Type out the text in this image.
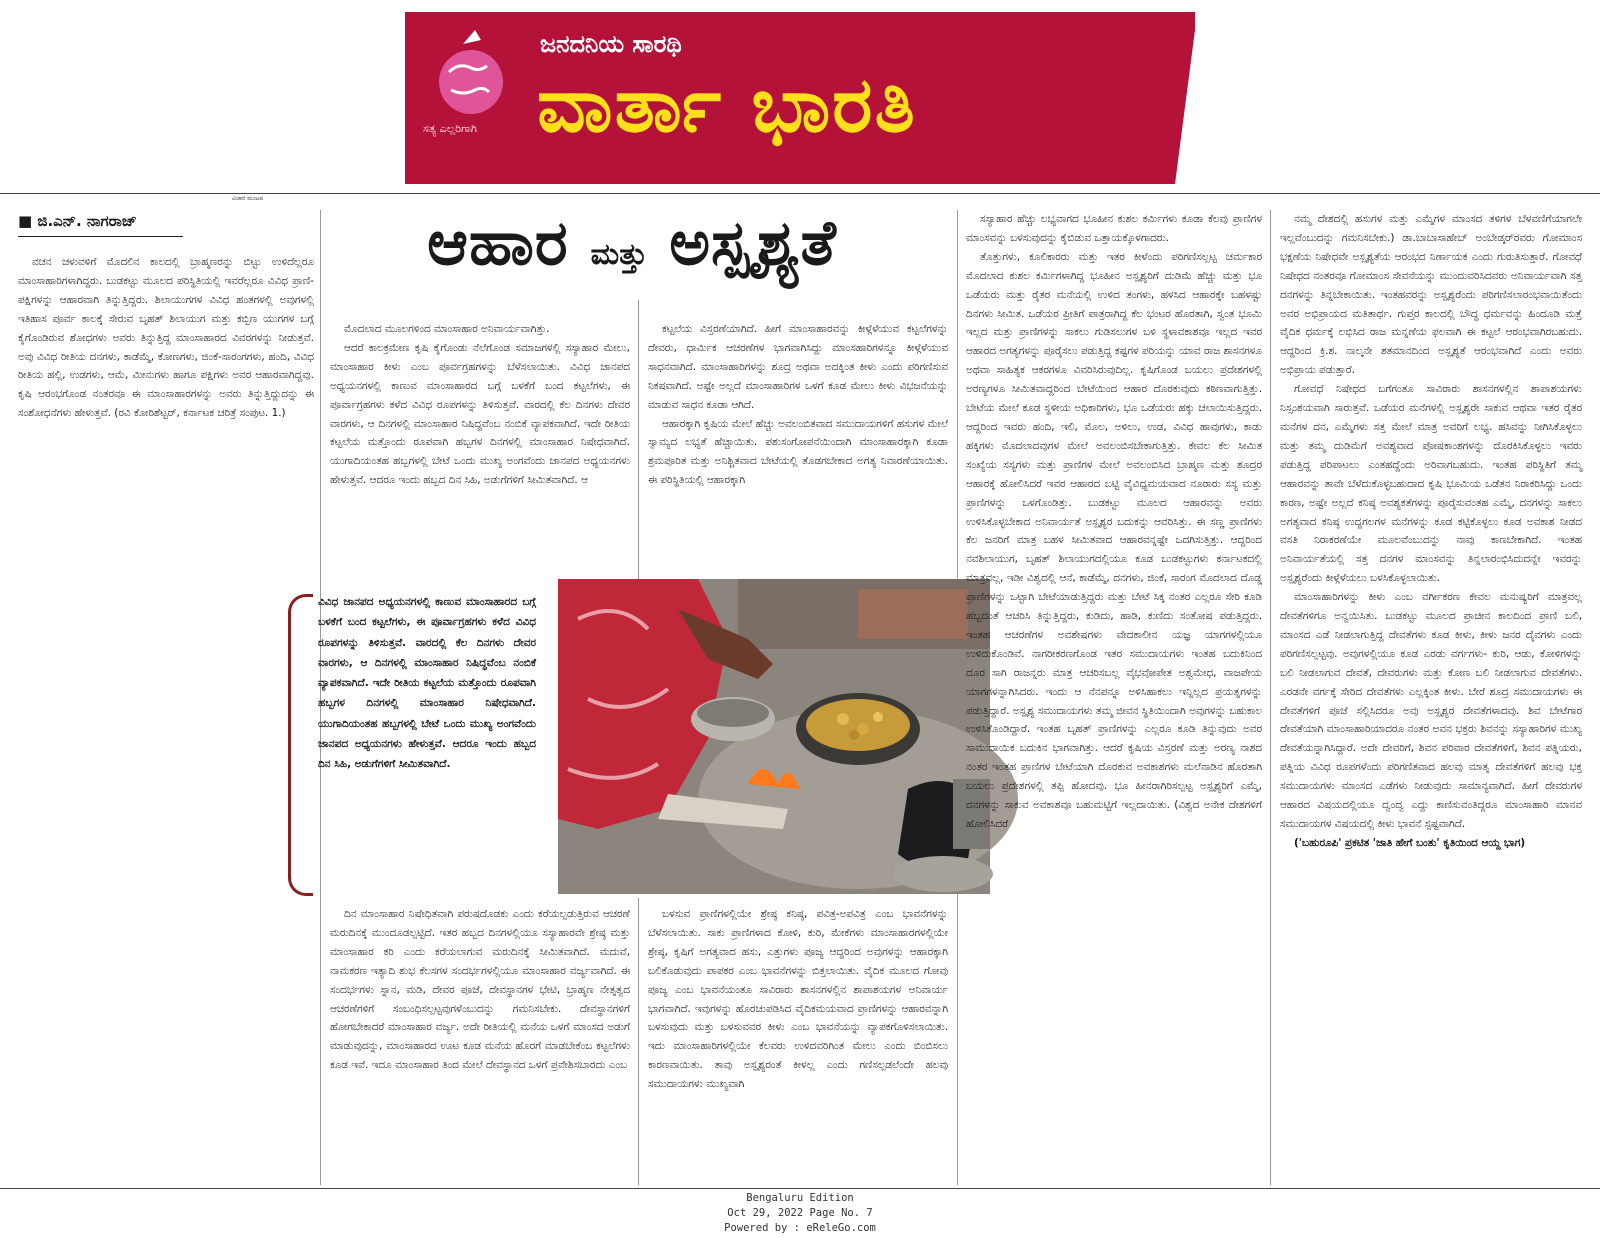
ಜನದನಿಯ ಸಾರಥಿ
ವಾರ್ತಾ ಭಾರತಿ
ಸತ್ಯ ಎಲ್ಲರಿಗಾಗಿ
ವಿಚಾರ ಮಂಟಪ
■ ಜಿ.ಎನ್. ನಾಗರಾಜ್	ಆಹಾರ ಮತ್ತು ಅಸ್ಪೃಶ್ಯತೆ

ವಚನ ಚಳುವಳಿಗೆ ಮೊದಲಿನ ಕಾಲದಲ್ಲಿ ಬ್ರಾಹ್ಮಣರನ್ನು ಬಿಟ್ಟು ಉಳಿದೆಲ್ಲರೂ ಮಾಂಸಾಹಾರಿಗಳಾಗಿದ್ದರು. ಬುಡಕಟ್ಟು ಮೂಲದ ಪರಿಸ್ಥಿತಿಯಲ್ಲಿ ಇವರೆಲ್ಲರೂ ವಿವಿಧ ಪ್ರಾಣಿ-ಪಕ್ಷಿಗಳನ್ನು ಆಹಾರವಾಗಿ ತಿನ್ನುತ್ತಿದ್ದರು. ಶಿಲಾಯುಗಗಳ ವಿವಿಧ ಹಂತಗಳಲ್ಲಿ ಅವುಗಳಲ್ಲಿ ಇತಿಹಾಸ ಪೂರ್ವ ಕಾಲಕ್ಕೆ ಸೇರುವ ಬೃಹತ್ ಶಿಲಾಯುಗ ಮತ್ತು ಕಬ್ಬಿಣ ಯುಗಗಳ ಬಗ್ಗೆ ಕೈಗೊಂಡಿರುವ ಶೋಧಗಳು ಅವರು ತಿನ್ನುತ್ತಿದ್ದ ಮಾಂಸಾಹಾರದ ವಿವರಗಳನ್ನು ನೀಡುತ್ತವೆ. ಅವು ವಿವಿಧ ರೀತಿಯ ದನಗಳು, ಕಾಡೆಮ್ಮೆ, ಕೋಣಗಳು, ಜಿಂಕೆ-ಸಾರಂಗಗಳು, ಹಂದಿ, ವಿವಿಧ ರೀತಿಯ ಹಲ್ಲಿ, ಉಡಗಳು, ಆಮೆ, ಮೀನುಗಳು ಹಾಗೂ ಪಕ್ಷಿಗಳು ಅವರ ಆಹಾರವಾಗಿದ್ದವು. ಕೃಷಿ ಆರಂಭಗೊಂಡ ನಂತರವೂ ಈ ಮಾಂಸಾಹಾರಗಳನ್ನು ಅವರು ತಿನ್ನುತ್ತಿದ್ದುದನ್ನು ಈ ಸಂಶೋಧನೆಗಳು ಹೇಳುತ್ತವೆ. (ರವಿ ಕೋರಿಶೆಟ್ಟರ್, ಕರ್ನಾಟಕ ಚರಿತ್ರೆ ಸಂಪುಟ. 1.)

ಮೊದಲಾದ ಮೂಲಗಳಿಂದ ಮಾಂಸಾಹಾರ ಅನಿವಾರ್ಯವಾಗಿತ್ತು.

ಆದರೆ ಕಾಲಕ್ರಮೇಣ ಕೃಷಿ ಕೈಗೊಂಡು ನೆಲೆಗೊಂಡ ಸಮಾಜಗಳಲ್ಲಿ ಸಸ್ಯಾಹಾರ ಮೇಲು, ಮಾಂಸಾಹಾರ ಕೀಳು ಎಂಬ ಪೂರ್ವಗ್ರಹಗಳನ್ನು ಬೆಳೆಸಲಾಯಿತು. ವಿವಿಧ ಜಾನಪದ ಅಧ್ಯಯನಗಳಲ್ಲಿ ಕಾಣುವ ಮಾಂಸಾಹಾರದ ಬಗ್ಗೆ ಬಳಕೆಗೆ ಬಂದ ಕಟ್ಟಲೆಗಳು, ಈ ಪೂರ್ವಾಗ್ರಹಗಳು ಕಳೆದ ವಿವಿಧ ರೂಪಗಳನ್ನು ತಿಳಿಸುತ್ತವೆ. ವಾರದಲ್ಲಿ ಕೆಲ ದಿನಗಳು ದೇವರ ವಾರಗಳು, ಆ ದಿನಗಳಲ್ಲಿ ಮಾಂಸಾಹಾರ ನಿಷಿದ್ಧವೆಂಬ ನಂಬಿಕೆ ವ್ಯಾಪಕವಾಗಿದೆ. ಇದೇ ರೀತಿಯ ಕಟ್ಟಲೆಯ ಮತ್ತೊಂದು ರೂಪವಾಗಿ ಹಬ್ಬಗಳ ದಿನಗಳಲ್ಲಿ ಮಾಂಸಾಹಾರ ನಿಷೇಧವಾಗಿದೆ. ಯುಗಾದಿಯಂತಹ ಹಬ್ಬಗಳಲ್ಲಿ ಬೇಟೆ ಒಂದು ಮುಖ್ಯ ಅಂಗವೆಂದು ಜಾನಪದ ಅಧ್ಯಯನಗಳು ಹೇಳುತ್ತವೆ. ಆದರೂ ಇಂದು ಹಬ್ಬದ ದಿನ ಸಿಹಿ, ಅಡುಗೆಗಳಿಗೆ ಸೀಮಿತವಾಗಿದೆ. ಆ

ಕಟ್ಟಲೆಯ ವಿಸ್ತರಣೆಯಾಗಿದೆ. ಹೀಗೆ ಮಾಂಸಾಹಾರವನ್ನು ಕೀಳ್ಗೆಳೆಯುವ ಕಟ್ಟಲೆಗಳನ್ನು ದೇವರು, ಧಾರ್ಮಿಕ ಆಚರಣೆಗಳ ಭಾಗವಾಗಿಸಿದ್ದು ಮಾಂಸಹಾರಿಗಳನ್ನೂ ಕೀಳ್ಗೆಳೆಯುವ ಸಾಧನವಾಗಿದೆ. ಮಾಂಸಾಹಾರಿಗಳನ್ನು ಶೂದ್ರ ಅಥವಾ ಅದಕ್ಕಿಂತ ಕೀಳು ಎಂದು ಪರಿಗಣಿಸುವ ನಿಕಷವಾಗಿದೆ. ಅಷ್ಟೇ ಅಲ್ಲದೆ ಮಾಂಸಾಹಾರಿಗಳ ಒಳಗೆ ಕೂಡ ಮೇಲು ಕೀಳು ವಿಭಜನೆಯನ್ನು ಮಾಡುವ ಸಾಧನ ಕೂಡಾ ಆಗಿದೆ.

ಆಹಾರಕ್ಕಾಗಿ ಕೃಷಿಯ ಮೇಲೆ ಹೆಚ್ಚು ಅವಲಂಬಿತವಾದ ಸಮುದಾಯಗಳಿಗೆ ಹಸುಗಳ ಮೇಲೆ ಸ್ವಾಮ್ಯದ ಲಭ್ಯತೆ ಹೆಚ್ಚಾಯಿತು. ಪಶುಸಂಗೋಪನೆಯಿಂದಾಗಿ ಮಾಂಸಾಹಾರಕ್ಕಾಗಿ ಕೂಡಾ ಶ್ರಮಪೂರಿತ ಮತ್ತು ಅನಿಶ್ಚಿತವಾದ ಬೇಟೆಯಲ್ಲಿ ತೊಡಗಬೇಕಾದ ಅಗತ್ಯ ನಿವಾರಣೆಯಾಯಿತು. ಈ ಪರಿಸ್ಥಿತಿಯಲ್ಲಿ ಆಹಾರಕ್ಕಾಗಿ

ವಿವಿಧ ಜಾನಪದ ಅಧ್ಯಯನಗಳಲ್ಲಿ ಕಾಣುವ ಮಾಂಸಾಹಾರದ ಬಗ್ಗೆ ಬಳಕೆಗೆ ಬಂದ ಕಟ್ಟಲೆಗಳು, ಈ ಪೂರ್ವಾಗ್ರಹಗಳು ಕಳೆದ ವಿವಿಧ ರೂಪಗಳನ್ನು ತಿಳಿಸುತ್ತವೆ. ವಾರದಲ್ಲಿ ಕೆಲ ದಿನಗಳು ದೇವರ ವಾರಗಳು, ಆ ದಿನಗಳಲ್ಲಿ ಮಾಂಸಾಹಾರ ನಿಷಿದ್ಧವೆಂಬ ನಂಬಿಕೆ ವ್ಯಾಪಕವಾಗಿದೆ. ಇದೇ ರೀತಿಯ ಕಟ್ಟಲೆಯ ಮತ್ತೊಂದು ರೂಪವಾಗಿ ಹಬ್ಬಗಳ ದಿನಗಳಲ್ಲಿ ಮಾಂಸಾಹಾರ ನಿಷೇಧವಾಗಿದೆ. ಯುಗಾದಿಯಂತಹ ಹಬ್ಬಗಳಲ್ಲಿ ಬೇಟೆ ಒಂದು ಮುಖ್ಯ ಅಂಗವೆಂದು ಜಾನಪದ ಅಧ್ಯಯನಗಳು ಹೇಳುತ್ತವೆ. ಆದರೂ ಇಂದು ಹಬ್ಬದ ದಿನ ಸಿಹಿ, ಅಡುಗೆಗಳಿಗೆ ಸೀಮಿತವಾಗಿದೆ.

ದಿನ ಮಾಂಸಾಹಾರ ನಿಷೇಧಿತವಾಗಿ ಪರುಷದೊಡಕು ಎಂದು ಕರೆಯಲ್ಪಡುತ್ತಿರುವ ಆಚರಣೆ ಮರುದಿನಕ್ಕೆ ಮುಂದೂಡಲ್ಪಟ್ಟಿದೆ. ಇತರ ಹಬ್ಬದ ದಿನಗಳಲ್ಲಿಯೂ ಸಸ್ಯಾಹಾರವೇ ಶ್ರೇಷ್ಠ ಮತ್ತು ಮಾಂಸಾಹಾರ ಕರಿ ಎಂದು ಕರೆಯಲಾಗುವ ಮರುದಿನಕ್ಕೆ ಸೀಮಿತವಾಗಿದೆ. ಮದುವೆ, ನಾಮಕರಣ ಇತ್ಯಾದಿ ಶುಭ ಕೆಲಸಗಳ ಸಂದರ್ಭಗಳಲ್ಲಿಯೂ ಮಾಂಸಾಹಾರ ವರ್ಜ್ಯವಾಗಿದೆ. ಈ ಸಂದರ್ಭಗಳು ಸ್ನಾನ, ಮಡಿ, ದೇವರ ಪೂಜೆ, ದೇವಸ್ಥಾನಗಳ ಭೇಟಿ, ಬ್ರಾಹ್ಮಣ ನೇತೃತ್ವದ ಆಚರಣೆಗಳಿಗೆ ಸಂಬಂಧಿಸಲ್ಪಟ್ಟವುಗಳೆಂಬುದನ್ನು ಗಮನಿಸಬೇಕು. ದೇವಸ್ಥಾನಗಳಿಗೆ ಹೋಗಬೇಕಾದರೆ ಮಾಂಸಾಹಾರ ವರ್ಜ್ಯ. ಅದೇ ರೀತಿಯಲ್ಲಿ ಮನೆಯ ಒಳಗೆ ಮಾಂಸದ ಅಡುಗೆ ಮಾಡುವುದನ್ನು, ಮಾಂಸಾಹಾರದ ಊಟ ಕೂಡ ಮನೆಯ ಹೊರಗೆ ಮಾಡಬೇಕೆಂಬ ಕಟ್ಟಲೆಗಳು ಕೂಡ ಇವೆ. ಇದೂ ಮಾಂಸಾಹಾರ ತಿಂದ ಮೇಲೆ ದೇವಸ್ಥಾನದ ಒಳಗೆ ಪ್ರವೇಶಿಸಬಾರದು ಎಂಬ

ಬಳಸುವ ಪ್ರಾಣಿಗಳಲ್ಲಿಯೇ ಶ್ರೇಷ್ಠ ಕನಿಷ್ಠ, ಪವಿತ್ರ-ಅಪವಿತ್ರ ಎಂಬ ಭಾವನೆಗಳನ್ನು ಬೆಳೆಸಲಾಯಿತು. ಸಾಕು ಪ್ರಾಣಿಗಳಾದ ಕೋಳಿ, ಕುರಿ, ಮೇಕೆಗಳು ಮಾಂಸಾಹಾರಗಳಲ್ಲಿಯೇ ಶ್ರೇಷ್ಠ, ಕೃಷಿಗೆ ಅಗತ್ಯವಾದ ಹಸು, ಎತ್ತುಗಳು ಪೂಜ್ಯ ಆದ್ದರಿಂದ ಅವುಗಳನ್ನು ಆಹಾರಕ್ಕಾಗಿ ಬಲಿಕೊಡುವುದು ಪಾಪಕರ ಎಂಬ ಭಾವನೆಗಳನ್ನು ಬಿತ್ತಲಾಯಿತು. ವೈದಿಕ ಮೂಲದ ಗೋವು ಪೂಜ್ಯ ಎಂಬ ಭಾವನೆಯಂತೂ ಸಾವಿರಾರು ಶಾಸನಗಳಲ್ಲಿನ ಶಾಪಾಶಯಗಳ ಅನಿವಾರ್ಯ ಭಾಗವಾಗಿದೆ. ಇವುಗಳನ್ನು ಹೊರಚುಪಡಿಸಿದ ವೈದಿಕಮಯವಾದ ಪ್ರಾಣಿಗಳನ್ನು ಆಹಾರವನ್ನಾಗಿ ಬಳಸುವುದು ಮತ್ತು ಬಳಸುವವರ ಕೀಳು ಎಂಬ ಭಾವನೆಯನ್ನು ವ್ಯಾಪಕಗೊಳಿಸಲಾಯಿತು. ಇದು ಮಾಂಸಾಹಾರಿಗಳಲ್ಲಿಯೇ ಕೆಲವರು ಉಳಿದವರಿಗಿಂತ ಮೇಲು ಎಂದು ಬಿಂಬಿಸಲು ಕಾರಣವಾಯಿತು. ತಾವು ಅಸ್ಪೃಶ್ಯರಂತೆ ಕೀಳಲ್ಲ ಎಂದು ಗಣಿಸಲ್ಪಡಲೆಂದೇ ಹಲವು ಸಮುದಾಯಗಳು ಮುಖ್ಯವಾಗಿ

ಸಸ್ಯಾಹಾರ ಹೆಚ್ಚು ಲಭ್ಯವಾಗದ ಭೂಹೀನ ಕುಶಲ ಕರ್ಮಿಗಳು ಕೂಡಾ ಕೆಲವು ಪ್ರಾಣಿಗಳ ಮಾಂಸವನ್ನು ಬಳಸುವುದನ್ನು ಕೈಬಿಡುವ ಒತ್ತಾಯಕ್ಕೊಳಗಾದರು.

ತೊತ್ತುಗಳು, ಕೂಲಿಕಾರರು ಮತ್ತು ಇತರ ಕೀಳೆಂದು ಪರಿಗಣಿಸಲ್ಪಟ್ಟ ಚರ್ಮಕಾರ ಮೊದಲಾದ ಕುಶಲ ಕರ್ಮಿಗಳಾಗಿದ್ದ ಭೂಹೀನ ಅಸ್ಪೃಶ್ಯರಿಗೆ ದುಡಿಮೆ ಹೆಚ್ಚು ಮತ್ತು ಭೂ ಒಡೆಯರು ಮತ್ತು ರೈತರ ಮನೆಯಲ್ಲಿ ಉಳಿದ ತಂಗಳು, ಹಳಸಿದ ಆಹಾರಕ್ಕೇ ಬಹಳಷ್ಟು ದಿನಗಳು ಸೀಮಿತ. ಒಡೆಯರ ಪ್ರೀತಿಗೆ ಪಾತ್ರರಾಗಿದ್ದ ಕೆಲ ಭಂಟರ ಹೊರತಾಗಿ, ಸ್ವಂತ ಭೂಮಿ ಇಲ್ಲದ ಮತ್ತು ಪ್ರಾಣಿಗಳನ್ನು ಸಾಕಲು ಗುಡಿಸಲುಗಳ ಬಳಿ ಸ್ಥಳಾವಕಾಶವೂ ಇಲ್ಲದ ಇವರ ಆಹಾರದ ಅಗತ್ಯಗಳನ್ನು ಪೂರೈಸಲು ಪಡುತ್ತಿದ್ದ ಕಷ್ಟಗಳ ಪರಿಯನ್ನು ಯಾವ ರಾಜ ಶಾಸನಗಳೂ ಅಥವಾ ಸಾಹಿತ್ಯಕ ಆಕರಗಳೂ ವಿವರಿಸಿರುವುದಿಲ್ಲ. ಕೃಷಿಗೊಂಡ ಬಯಲು ಪ್ರದೇಶಗಳಲ್ಲಿ ಅರಣ್ಯಗಳೂ ಸೀಮಿತವಾದ್ದರಿಂದ ಬೇಟೆಯಿಂದ ಆಹಾರ ದೊರಕುವುದು ಕಠಿಣವಾಗುತ್ತಿತ್ತು. ಬೇಟೆಯ ಮೇಲೆ ಕೂಡ ಸ್ಥಳೀಯ ಅಧಿಕಾರಿಗಳು, ಭೂ ಒಡೆಯರು ಹಕ್ಕು ಚಲಾಯಿಸುತ್ತಿದ್ದರು. ಆದ್ದರಿಂದ ಇವರು ಹಂದಿ, ಇಲಿ, ಮೊಲ, ಅಳಿಲು, ಉಡ, ವಿವಿಧ ಹಾವುಗಳು, ಕಾಡು ಹಕ್ಕಿಗಳು ಮೊದಲಾದವುಗಳ ಮೇಲೆ ಅವಲಂಬಿಸಬೇಕಾಗುತ್ತಿತ್ತು. ಕೇವಲ ಕೆಲ ಸೀಮಿತ ಸಂಖ್ಯೆಯ ಸಸ್ಯಗಳು ಮತ್ತು ಪ್ರಾಣಿಗಳ ಮೇಲೆ ಅವಲಂಬಿಸಿದ ಬ್ರಾಹ್ಮಣ ಮತ್ತು ಶೂದ್ರರ ಆಹಾರಕ್ಕೆ ಹೋಲಿಸಿದರೆ ಇವರ ಆಹಾರದ ಬಟ್ಟಿ ವೈವಿಧ್ಯಮಯವಾದ ನೂರಾರು ಸಸ್ಯ ಮತ್ತು ಪ್ರಾಣಿಗಳನ್ನು ಒಳಗೊಂಡಿತ್ತು. ಬುಡಕಟ್ಟು ಮೂಲದ ಆಹಾರವನ್ನು ಅವರು ಉಳಿಸಿಕೊಳ್ಳಬೇಕಾದ ಅನಿವಾರ್ಯತೆ ಅಸ್ಪೃಶ್ಯರ ಬದುಕನ್ನು ಆವರಿಸಿತ್ತು. ಈ ಸಣ್ಣ ಪ್ರಾಣಿಗಳು ಕೆಲ ಜನರಿಗೆ ಮಾತ್ರ ಬಹಳ ಸೀಮಿತವಾದ ಆಹಾರವನ್ನಷ್ಟೇ ಒದಗಿಸುತ್ತಿತ್ತು. ಆದ್ದರಿಂದ ನವಶಿಲಾಯುಗ, ಬೃಹತ್ ಶಿಲಾಯುಗದಲ್ಲಿಯೂ ಕೂಡ ಬುಡಕಟ್ಟುಗಳು ಕರ್ನಾಟಕದಲ್ಲಿ ಮಾತ್ರವಲ್ಲ, ಇಡೀ ವಿಶ್ವದಲ್ಲಿ ಆನೆ, ಕಾಡೆಮ್ಮೆ, ದನಗಳು, ಜಿಂಕೆ, ಸಾರಂಗ ಮೊದಲಾದ ದೊಡ್ಡ ಪ್ರಾಣಿಗಳನ್ನು ಒಟ್ಟಾಗಿ ಬೇಟೆಯಾಡುತ್ತಿದ್ದರು ಮತ್ತು ಬೇಟೆ ಸಿಕ್ಕ ನಂತರ ಎಲ್ಲರೂ ಸೇರಿ ಕೂಡಿ ಹಬ್ಬದಂತೆ ಆಚರಿಸಿ ತಿನ್ನುತ್ತಿದ್ದರು, ಕುಡಿದು, ಹಾಡಿ, ಕುಣಿದು ಸಂತೋಷ ಪಡುತ್ತಿದ್ದರು. ಇಂತಹ ಆಚರಣೆಗಳ ಅವಶೇಷಗಳು ವೇದಕಾಲೀನ ಯಜ್ಞ ಯಾಗಗಳಲ್ಲಿಯೂ ಉಳಿದುಕೊಂಡಿವೆ. ನಾಗರೀಕರಣಗೊಂಡ ಇತರ ಸಮುದಾಯಗಳು ಇಂತಹ ಬದುಕಿನಿಂದ ದೂರ ಸಾಗಿ ರಾಜನ್ನರು ಮಾತ್ರ ಆಚರಿಸಬಲ್ಲ ವೈಭವೋಪೇತ ಅಶ್ವಮೇಧ, ವಾಜಪೇಯ ಯಾಗಗಳನ್ನಾಗಿಸಿದರು. ಇಂದು ಆ ನೆನಪನ್ನೂ ಅಳಿಸಿಹಾಕಲು ಇನ್ನಿಲ್ಲದ ಪ್ರಯತ್ನಗಳನ್ನು ಪಡುತ್ತಿದ್ದಾರೆ. ಅಸ್ಪೃಶ್ಯ ಸಮುದಾಯಗಳು ತಮ್ಮ ಜೀವನ ಸ್ಥಿತಿಯಿಂದಾಗಿ ಅವುಗಳನ್ನು ಬಹುಕಾಲ ಉಳಿಸಿಕೊಂಡಿದ್ದಾರೆ. ಇಂತಹ ಬೃಹತ್ ಪ್ರಾಣಿಗಳನ್ನು ಎಲ್ಲರೂ ಕೂಡಿ ತಿನ್ನುವುದು ಅವರ ಸಾಮುದಾಯಿಕ ಬದುಕಿನ ಭಾಗವಾಗಿತ್ತು. ಆದರೆ ಕೃಷಿಯ ವಿಸ್ತರಣೆ ಮತ್ತು ಅರಣ್ಯ ನಾಶದ ನಂತರ ಇಂತಹ ಪ್ರಾಣಿಗಳ ಬೇಟೆಯಾಗಿ ದೊರಕುವ ಅವಕಾಶಗಳು ಮಲೆನಾಡಿನ ಹೊರತಾಗಿ ಬಯಲು ಪ್ರದೇಶಗಳಲ್ಲಿ ತಪ್ಪಿ ಹೋದವು. ಭೂ ಹೀನರಾಗಿರಿಸಲ್ಪಟ್ಟ ಅಸ್ಪೃಶ್ಯರಿಗೆ ಎಮ್ಮೆ, ದನಗಳನ್ನು ಸಾಕುವ ಅವಕಾಶವೂ ಬಹುಮಟ್ಟಿಗೆ ಇಲ್ಲದಾಯಿತು. (ವಿಶ್ವದ ಅನೇಕ ದೇಶಗಳಿಗೆ ಹೋಲಿಸಿದರೆ

ನಮ್ಮ ದೇಶದಲ್ಲಿ ಹಸುಗಳ ಮತ್ತು ಎಮ್ಮೆಗಳ ಮಾಂಸದ ತಳಿಗಳ ಬೆಳವಣಿಗೆಯಾಗಲೇ ಇಲ್ಲವೆಂಬುದನ್ನು ಗಮನಿಸಬೇಕು.) ಡಾ.ಬಾಬಾಸಾಹೇಬ್ ಅಂಬೇಡ್ಕರ್‌ರವರು ಗೋಮಾಂಸ ಭಕ್ಷಣೆಯ ನಿಷೇಧವೇ ಅಸ್ಪೃಶ್ಯತೆಯ ಆರಂಭದ ನಿರ್ಣಾಯಕ ಎಂದು ಗುರುತಿಸುತ್ತಾರೆ. ಗೋವಧೆ ನಿಷೇಧದ ನಂತರವೂ ಗೋಮಾಂಸ ಸೇವನೆಯನ್ನು ಮುಂದುವರಿಸಿದವರು ಅನಿವಾರ್ಯವಾಗಿ ಸತ್ತ ದನಗಳನ್ನು ತಿನ್ನಬೇಕಾಯಿತು. ಇಂತಹವರನ್ನು ಅಸ್ಪೃಶ್ಯರೆಂದು ಪರಿಗಣಿಸಲಾರಂಭವಾಯಿತೆಂದು ಅವರ ಅಭಿಪ್ರಾಯದ ಮತಿತಾರ್ಥ. ಗುಪ್ತರ ಕಾಲದಲ್ಲಿ ಬೌದ್ಧ ಧರ್ಮವನ್ನು ಹಿಂದೂಡಿ ಮತ್ತೆ ವೈದಿಕ ಧರ್ಮಕ್ಕೆ ಲಭಿಸಿದ ರಾಜ ಮನ್ನಣೆಯ ಫಲವಾಗಿ ಈ ಕಟ್ಟಲೆ ಆರಂಭವಾಗಿರಬಹುದು. ಆದ್ದರಿಂದ ಕ್ರಿ.ಶ. ನಾಲ್ಕನೇ ಶತಮಾನದಿಂದ ಅಸ್ಪೃಶ್ಯತೆ ಆರಂಭವಾಗಿದೆ ಎಂದು ಅವರು ಅಭಿಪ್ರಾಯ ಪಡುತ್ತಾರೆ.

ಗೋವಧೆ ನಿಷೇಧದ ಬಗೆಗಂತೂ ಸಾವಿರಾರು ಶಾಸನಗಳಲ್ಲಿನ ಶಾಪಾಶಯಗಳು ನಿಸ್ಸಂಶಯವಾಗಿ ಸಾರುತ್ತವೆ. ಒಡೆಯರ ಮನೆಗಳಲ್ಲಿ ಅಸ್ಪೃಶ್ಯರೇ ಸಾಕುವ ಆಥವಾ ಇತರ ರೈತರ ಮನೆಗಳ ದನ, ಎಮ್ಮೆಗಳು ಸತ್ತ ಮೇಲೆ ಮಾತ್ರ ಅವರಿಗೆ ಲಭ್ಯ. ಹಸಿವನ್ನು ನೀಗಿಸಿಕೊಳ್ಳಲು ಮತ್ತು ತಮ್ಮ ದುಡಿಮೆಗೆ ಅವಶ್ಯವಾದ ಪೋಷಕಾಂಶಗಳನ್ನು ದೊರಕಿಸಿಕೊಳ್ಳಲು ಇವರು ಪಡುತ್ತಿದ್ದ ಪರಿಪಾಟಲು ಎಂತಹದ್ದೆಂದು ಅರಿವಾಗಬಹುದು. ಇಂತಹ ಪರಿಸ್ಥಿತಿಗೆ ತಮ್ಮ ಆಹಾರವನ್ನು ತಾವೇ ಬೆಳೆದುಕೊಳ್ಳಬಹುದಾದ ಕೃಷಿ ಭೂಮಿಯ ಒಡೆತನ ನಿರಾಕರಿಸಿದ್ದು ಒಂದು ಕಾರಣ, ಅಷ್ಟೇ ಅಲ್ಲದೆ ಕನಿಷ್ಠ ಅವಶ್ಯಕತೆಗಳನ್ನು ಪೂರೈಸುವಂತಹ ಎಮ್ಮೆ, ದನಗಳನ್ನು ಸಾಕಲು ಅಗತ್ಯವಾದ ಕನಿಷ್ಠ ಉದ್ದಗಲಗಳ ಮನೆಗಳನ್ನು ಕೂಡ ಕಟ್ಟಿಕೊಳ್ಳಲು ಕೂಡ ಅವಕಾಶ ನೀಡದ ವಸತಿ ನಿರಾಕರಣೆಯೇ ಮೂಲವೆಂಬುದನ್ನು ನಾವು ಕಾಣಬೇಕಾಗಿದೆ. ಇಂತಹ ಅನಿವಾರ್ಯತೆಯಲ್ಲಿ ಸತ್ತ ದನಗಳ ಮಾಂಸವನ್ನು ತಿನ್ನಲಾರಂಭಿಸಿದುದನ್ನೇ ಇವರನ್ನು ಅಸ್ಪೃಶ್ಯರೆಂದು ಕೀಳ್ಗೆಳೆಯಲು ಬಳಸಿಕೊಳ್ಳಲಾಯಿತು.

ಮಾಂಸಾಹಾರಿಗಳನ್ನು ಕೀಳು ಎಂಬ ವರ್ಗೀಕರಣ ಕೇವಲ ಮನುಷ್ಯರಿಗೆ ಮಾತ್ರವಲ್ಲ ದೇವತೆಗಳಿಗೂ ಅನ್ವಯಿಸಿತು. ಬುಡಕಟ್ಟು ಮೂಲದ ಪ್ರಾಚೀನ ಕಾಲದಿಂದ ಪ್ರಾಣಿ ಬಲಿ, ಮಾಂಸದ ಎಡೆ ನೀಡಲಾಗುತ್ತಿದ್ದ ದೇವತೆಗಳು ಕೂಡ ಕೀಳು, ಕೀಳು ಜನರ ದೈವಗಳು ಎಂದು ಪರಿಗಣಿಸಲ್ಪಟ್ಟವು. ಅವುಗಳಲ್ಲಿಯೂ ಕೂಡ ಎರಡು ವರ್ಗಗಳು- ಕುರಿ, ಆಡು, ಕೋಳಿಗಳನ್ನು ಬಲಿ ನೀಡಲಾಗುವ ದೇವತೆ, ದೇವರುಗಳು ಮತ್ತು ಕೋಣ ಬಲಿ ನೀಡಲಾಗುವ ದೇವತೆಗಳು. ಎರಡನೇ ವರ್ಗಕ್ಕೆ ಸೇರಿದ ದೇವತೆಗಳು ಎಲ್ಲಕ್ಕಿಂತ ಕೀಳು. ಬೇರೆ ಶೂದ್ರ ಸಮುದಾಯಗಳು ಈ ದೇವತೆಗಳಿಗೆ ಪೂಜೆ ಸಲ್ಲಿಸಿದರೂ ಅವು ಅಸ್ಪೃಶ್ಯರ ದೇವತೆಗಳಾದವು. ಶಿವ ಬೇಟೆಗಾರ ದೇವತೆಯಾಗಿ ಮಾಂಸಾಹಾರಿಯಾದರೂ ನಂತರ ಅವನ ಭಕ್ತರು ಶಿವನನ್ನು ಸಸ್ಯಾಹಾರಿಗಳ ಮುಖ್ಯ ದೇವತೆಯನ್ನಾಗಿಸಿದ್ದಾರೆ. ಅದೇ ದೇವರಿಗೆ, ಶಿವನ ಪರಿವಾರ ದೇವತೆಗಳಿಗೆ, ಶಿವನ ಪತ್ನಿಯರು, ಪತ್ನಿಯ ವಿವಿಧ ರೂಪಗಳೆಂದು ಪರಿಗಣಿತವಾದ ಹಲವು ಮಾತೃ ದೇವತೆಗಳಿಗೆ ಹಲವು ಭಕ್ತ ಸಮುದಾಯಗಳು ಮಾಂಸದ ಎಡೆಗಳು ನೀಡುವುದು ಸಾಮಾನ್ಯವಾಗಿದೆ. ಹೀಗೆ ದೇವರುಗಳ ಆಹಾರದ ವಿಷಯದಲ್ಲಿಯೂ ದ್ವಂದ್ವ ಎದ್ದು ಕಾಣಿಸುವಂತಿದ್ದರೂ ಮಾಂಸಾಹಾರಿ ಮಾನವ ಸಮುದಾಯಗಳ ವಿಷಯದಲ್ಲಿ ಕೀಳು ಭಾವನೆ ಸ್ಪಷ್ಟವಾಗಿದೆ.

('ಬಹುರೂಪಿ' ಪ್ರಕಟಿತ 'ಜಾತಿ ಹೇಗೆ ಬಂತು' ಕೃತಿಯಿಂದ ಆಯ್ದ ಭಾಗ)

Bengaluru Edition
Oct 29, 2022 Page No. 7
Powered by : eReleGo.com
